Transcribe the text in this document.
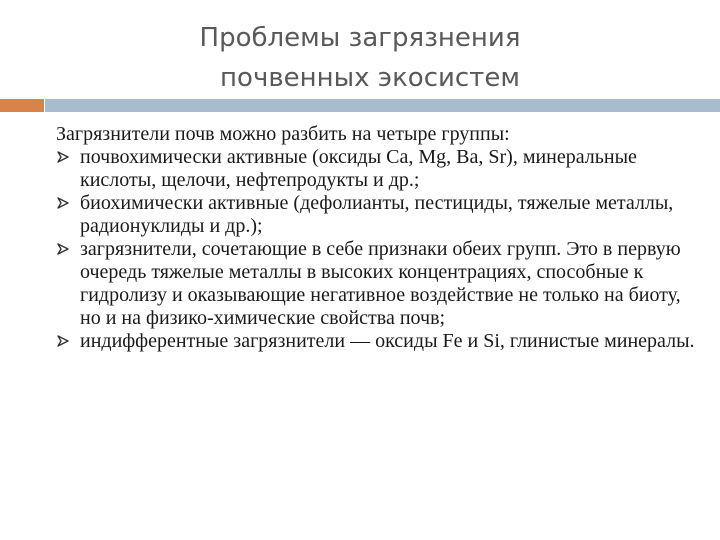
Проблемы загрязнения
почвенных экосистем

Загрязнители почв можно разбить на четыре группы:

почвохимически активные (оксиды Ca, Mg, Ba, Sr), минеральные кислоты, щелочи, нефтепродукты и др.;
биохимически активные (дефолианты, пестициды, тяжелые металлы, радионуклиды и др.);
загрязнители, сочетающие в себе признаки обеих групп. Это в первую очередь тяжелые металлы в высоких концентрациях, способные к гидролизу и оказывающие негативное воздействие не только на биоту, но и на физико-химические свойства почв;
индифферентные загрязнители — оксиды Fe и Si, глинистые минералы.
